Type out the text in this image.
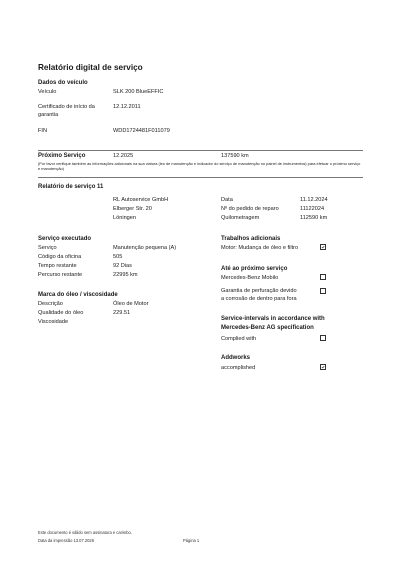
Relatório digital de serviço
Dados do veículo
Veículo	SLK 200 BlueEFFIC
Certificado de início da
garantia
12.12.2011
FIN	WDD1724481F011079
Próximo Serviço	12.2025	137590 km
(Por favor verifique também as informações adicionais na sua viatura (leo de manutenção e indicador do serviço de manutenção no painel de instrumentos) para efetuar o próximo serviço e manutenção)
Relatório de serviço 11
RL Autoservice GmbH
Elberger Str. 20
Löningen
Data	11.12.2024
Nº do pedido de reparo	11122024
Quilometragem	112590 km
Serviço executado
Serviço	Manutenção pequena (A)
Código da oficina	505
Tempo restante	92 Dias
Percurso restante	22995 km
Marca do óleo / viscosidade
Descrição	Óleo de Motor
Qualidade do óleo	229.51
Viscosidade
Trabalhos adicionais
Motor: Mudança de óleo e filtro
Até ao próximo serviço
Mercedes-Benz Mobilo
Garantia de perfuração devido
a corrosão de dentro para fora
Service-intervals in accordance with
Mercedes-Benz AG specification
Complied with
Addworks
accomplished
Este documento é válido sem assinatura e carimbo.
Data da impressão 13.07.2026	Página 1
